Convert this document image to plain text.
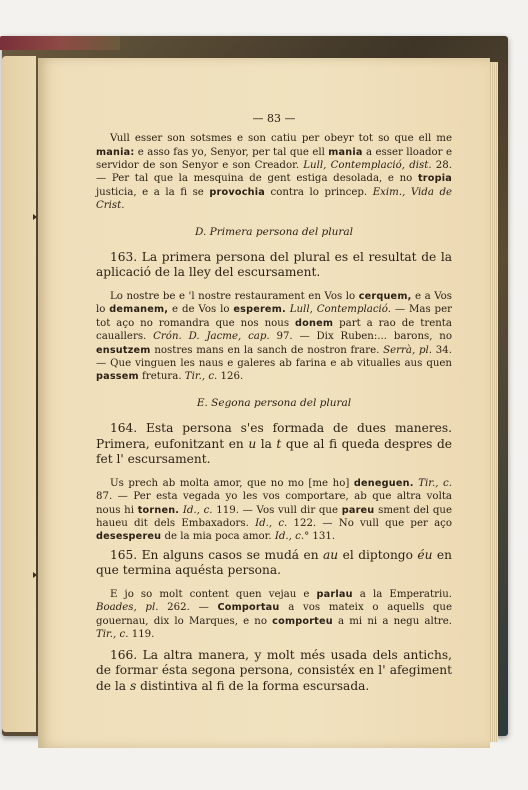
— 83 —

Vull esser son sotsmes e son catiu per obeyr tot so que ell me mania: e asso fas yo, Senyor, per tal que ell mania a esser lloador e servidor de son Senyor e son Creador. Lull, Contemplació, dist. 28. — Per tal que la mesquina de gent estiga desolada, e no tropia justicia, e a la fi se provochia contra lo princep. Exim., Vida de Crist.

D. Primera persona del plural

163. La primera persona del plural es el resultat de la aplicació de la lley del escursament.

Lo nostre be e 'l nostre restaurament en Vos lo cerquem, e a Vos lo demanem, e de Vos lo esperem. Lull, Contemplació. — Mas per tot aço no romandra que nos nous donem part a rao de trenta cauallers. Crón. D. Jacme, cap. 97. — Dix Ruben:... barons, no ensutzem nostres mans en la sanch de nostron frare. Serrà, pl. 34. — Que vinguen les naus e galeres ab farina e ab vitualles aus quen passem fretura. Tir., c. 126.

E. Segona persona del plural

164. Esta persona s'es formada de dues maneres. Primera, eufonitzant en u la t que al fi queda despres de fet l' escursament.

Us prech ab molta amor, que no mo [me ho] deneguen. Tir., c. 87. — Per esta vegada yo les vos comportare, ab que altra volta nous hi tornen. Id., c. 119. — Vos vull dir que pareu sment del que haueu dit dels Embaxadors. Id., c. 122. — No vull que per aço desespereu de la mia poca amor. Id., c.° 131.

165. En alguns casos se mudá en au el diptongo éu en que termina aquésta persona.

E jo so molt content quen vejau e parlau a la Emperatriu. Boades, pl. 262. — Comportau a vos mateix o aquells que gouernau, dix lo Marques, e no comporteu a mi ni a negu altre. Tir., c. 119.

166. La altra manera, y molt més usada dels antichs, de formar ésta segona persona, consistéx en l' afegiment de la s distintiva al fi de la forma escursada.
